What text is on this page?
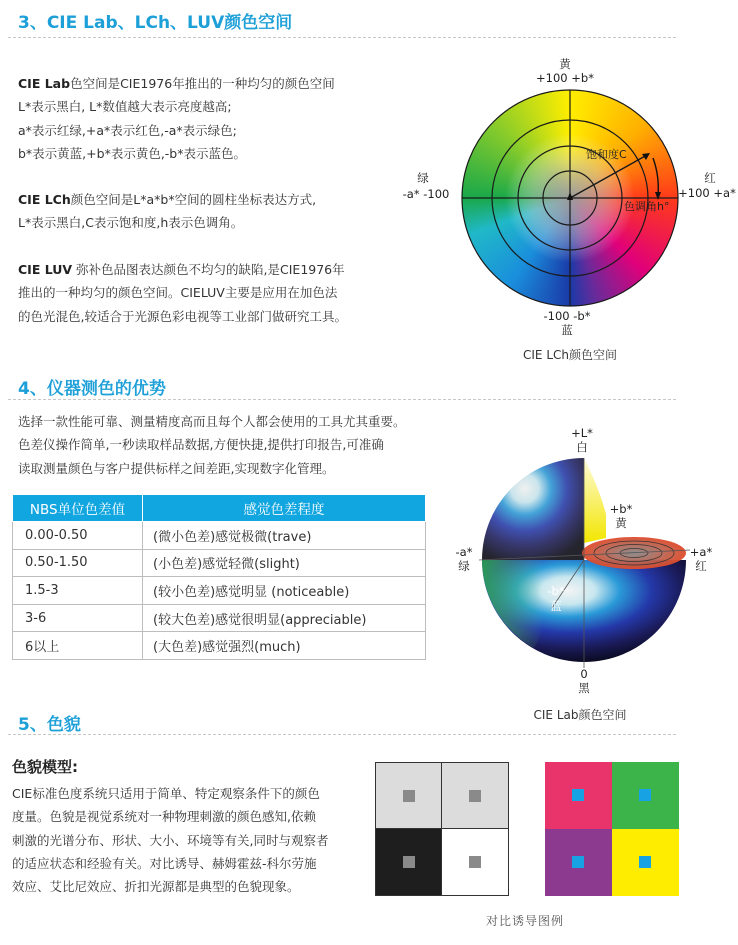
3、CIE Lab、LCh、LUV颜色空间
CIE Lab色空间是CIE1976年推出的一种均匀的颜色空间
L*表示黑白, L*数值越大表示亮度越高;
a*表示红绿,+a*表示红色,-a*表示绿色;
b*表示黄蓝,+b*表示黄色,-b*表示蓝色。
CIE LCh颜色空间是L*a*b*空间的圆柱坐标表达方式,
L*表示黑白,C表示饱和度,h表示色调角。
CIE LUV 弥补色品图表达颜色不均匀的缺陷,是CIE1976年
推出的一种均匀的颜色空间。CIELUV主要是应用在加色法
的色光混色,较适合于光源色彩电视等工业部门做研究工具。
饱和度C
色调角h°
黄
+100 +b*
绿
-a* -100
红
+100 +a*
-100 -b*
蓝
CIE LCh颜色空间
4、仪器测色的优势
选择一款性能可靠、测量精度高而且每个人都会使用的工具尤其重要。
色差仪操作简单,一秒读取样品数据,方便快捷,提供打印报告,可准确
读取测量颜色与客户提供标样之间差距,实现数字化管理。
NBS单位色差值	感觉色差程度
0.00-0.50	(微小色差)感觉极微(trave)
0.50-1.50	(小色差)感觉轻微(slight)
1.5-3	(较小色差)感觉明显 (noticeable)
3-6	(较大色差)感觉很明显(appreciable)
6以上	(大色差)感觉强烈(much)
+L*
白
+b*
黄
-a*
绿
+a*
红
-b*
蓝
0
黑
CIE Lab颜色空间
5、色貌
色貌模型:
CIE标准色度系统只适用于简单、特定观察条件下的颜色
度量。色貌是视觉系统对一种物理刺激的颜色感知,依赖
刺激的光谱分布、形状、大小、环境等有关,同时与观察者
的适应状态和经验有关。对比诱导、赫姆霍兹-科尔劳施
效应、艾比尼效应、折扣光源都是典型的色貌现象。
对比诱导图例
